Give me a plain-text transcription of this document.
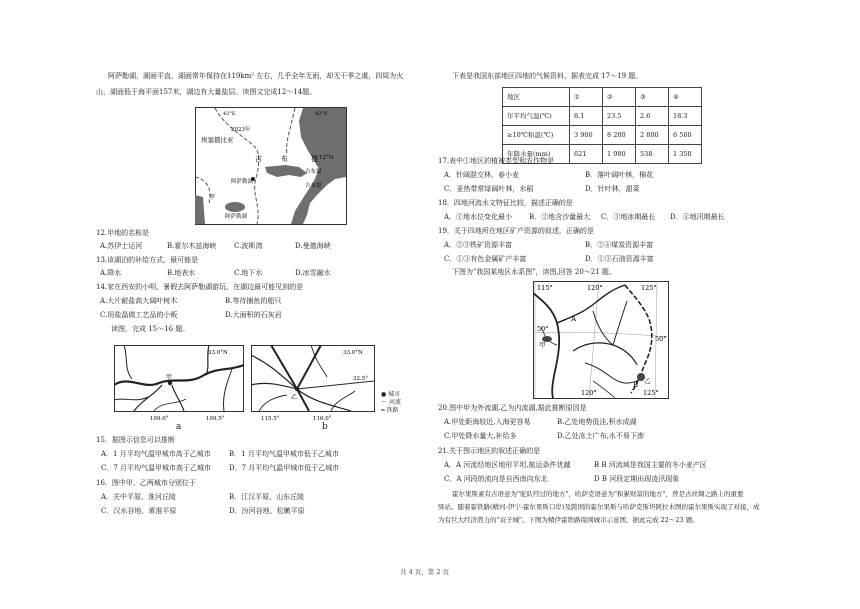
阿萨勒湖，湖面平直，湖面常年保持在119km² 左右，几乎全年无雨，却无干季之虞，四周为火
山，湖面低于海平面157米，湖边有大量盐层。读图文完成12～14题。
埃塞俄比亚
吉	布	提
阿萨勒湖
阿萨勒湖
吉布提
吉布提
甲
12°N
2023年
43°E	42°E
12.甲地的名称是
A.苏伊士运河	B.霍尔木兹海峡	C.波斯湾	D.曼德海峡
13.该湖泊的补给方式，最可能是
A.降水	B.地表水	C.地下水	D.冰雪融水
14.家在西安的小明，暑假去阿萨勒湖游玩，在湖边最可能见到的是
A.大片耐盐高大阔叶树木	B.等待捕鱼的船只
C.用盐晶做工艺品的小贩	D.大面积的石灰岩
读图，完成 15～16 题。
甲
33.0°N
109.0°	109.5°
a
乙
33.0°N
32.5°
115.5°	116.0°
b
● 城市
～ 河流
━ 铁路
15．据图示信息可以推断
A．1 月平均气温甲城市高于乙城市	B．1 月平均气温甲城市低于乙城市
C．7 月平均气温甲城市高于乙城市	D．7 月平均气温甲城市低于乙城市
16．图中甲、乙两城市分别位于
A．关中平原、淮河丘陵	B．江汉平原、山东丘陵
C．汉水谷地、黄淮平原	D．汾河谷地、松嫩平原
下表是我国东部地区四地的气候资料，据表完成 17～19 题。
地区	①	②	③	④
年平均气温(℃)	8.1	23.5	2.6	18.3
≥10℃积温(℃)	3 900	8 200	2 800	6 500
年降水量(mm)	621	1 980	538	1 350
17.表中①地区的植被类型和农作物是
A．针阔混交林，春小麦	B．落叶阔叶林，棉花
C．亚热带常绿阔叶林，水稻	D．针叶林，甜菜
18．四地河流水文特征比较，描述正确的是
A．①地水位变化最小 B．②地含沙量最大 C．③地冰期最长 D．④地汛期最长
19．关于四地所在地区矿产资源的叙述，正确的是
A．②③铁矿资源丰富	B．②④煤炭资源丰富
C．①③有色金属矿产丰富	D．①③石油资源丰富
下图为"我国某地区水系图"，读图,回答 20～21 题。
115°	120°	125°
120°	125°
50°
50°
A
甲
乙
B
20.图中甲为外流湖,乙为内流湖,据此推断原因是
A.甲处距海较近,入海更容易	B.乙处地势低洼,积水成湖
C.甲处降水量大,补给多	D.乙处冻土广布,水不易下渗
21.关于图示地区的叙述正确的是
A．A 河流经地区地形平坦,航运条件优越	B B 河流域是我国主要的冬小麦产区
C．A 河段的流向是自西南向东北	D B 河段定期出现凌汛现象
霍尔果斯素有古语意为"驼队经过的地方"，哈萨克语意为"积累财富的地方"，曾是古丝绸之路上的重要
驿站。随着霍铁路(精河-伊宁-霍尔果斯口岸)及跨国的霍尔果斯与哈萨克斯坦阿拉木图的霍尔果斯实现了对接，成
为有巨大经济潜力的"双子城"。下图为精伊霍铁路周围城市示意图。据此完成 22～23 题。
共 4 页，第 2 页
